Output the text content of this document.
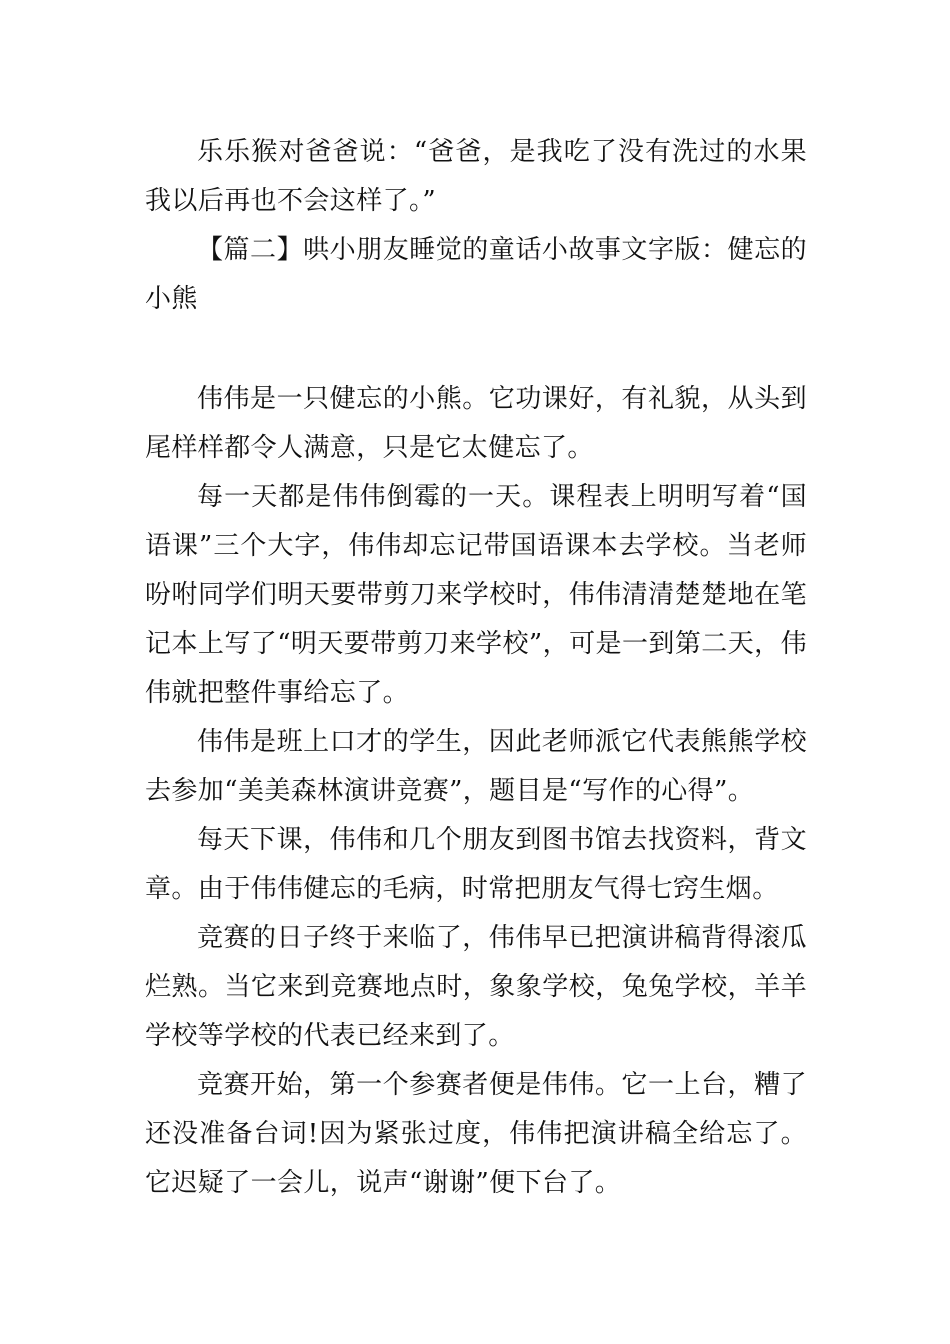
乐乐猴对爸爸说：“爸爸，是我吃了没有洗过的水果我以后再也不会这样了。”

【篇二】哄小朋友睡觉的童话小故事文字版：健忘的小熊

伟伟是一只健忘的小熊。它功课好，有礼貌，从头到尾样样都令人满意，只是它太健忘了。

每一天都是伟伟倒霉的一天。课程表上明明写着“国语课”三个大字，伟伟却忘记带国语课本去学校。当老师吩咐同学们明天要带剪刀来学校时，伟伟清清楚楚地在笔记本上写了“明天要带剪刀来学校”，可是一到第二天，伟伟就把整件事给忘了。

伟伟是班上口才的学生，因此老师派它代表熊熊学校去参加“美美森林演讲竞赛”，题目是“写作的心得”。

每天下课，伟伟和几个朋友到图书馆去找资料，背文章。由于伟伟健忘的毛病，时常把朋友气得七窍生烟。

竞赛的日子终于来临了，伟伟早已把演讲稿背得滚瓜烂熟。当它来到竞赛地点时，象象学校，兔兔学校，羊羊学校等学校的代表已经来到了。

竞赛开始，第一个参赛者便是伟伟。它一上台，糟了还没准备台词!因为紧张过度，伟伟把演讲稿全给忘了。它迟疑了一会儿，说声“谢谢”便下台了。
